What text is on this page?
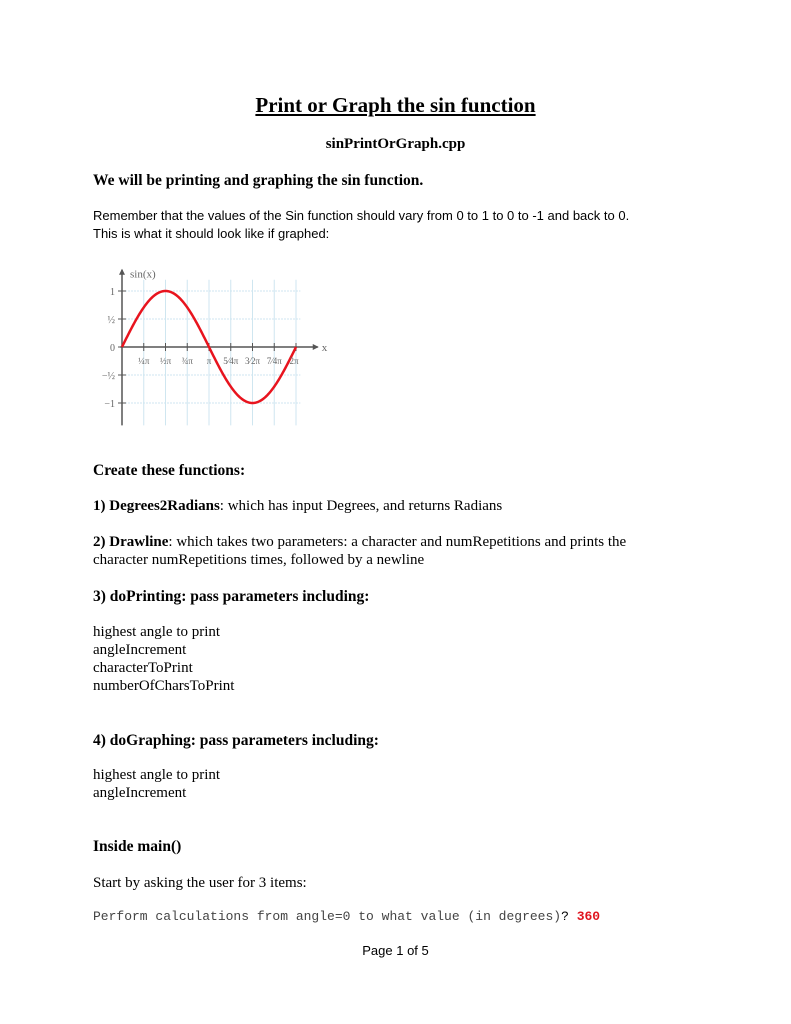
Print or Graph the sin function
sinPrintOrGraph.cpp
We will be printing and graphing the sin function.
Remember that the values of the Sin function should vary from 0 to 1 to 0 to -1 and back to 0.
This is what it should look like if graphed:
sin(x)
x
1
½
0
−½
−1
¼π ½π ¾π π 5⁄4π 3⁄2π 7⁄4π 2π
Create these functions:
1) Degrees2Radians: which has input Degrees, and returns Radians
2) Drawline: which takes two parameters: a character and numRepetitions and prints the
character numRepetitions times, followed by a newline
3) doPrinting: pass parameters including:
highest angle to print
angleIncrement
characterToPrint
numberOfCharsToPrint
4) doGraphing: pass parameters including:
highest angle to print
angleIncrement
Inside main()
Start by asking the user for 3 items:
Perform calculations from angle=0 to what value (in degrees)? 360
Page 1 of 5
